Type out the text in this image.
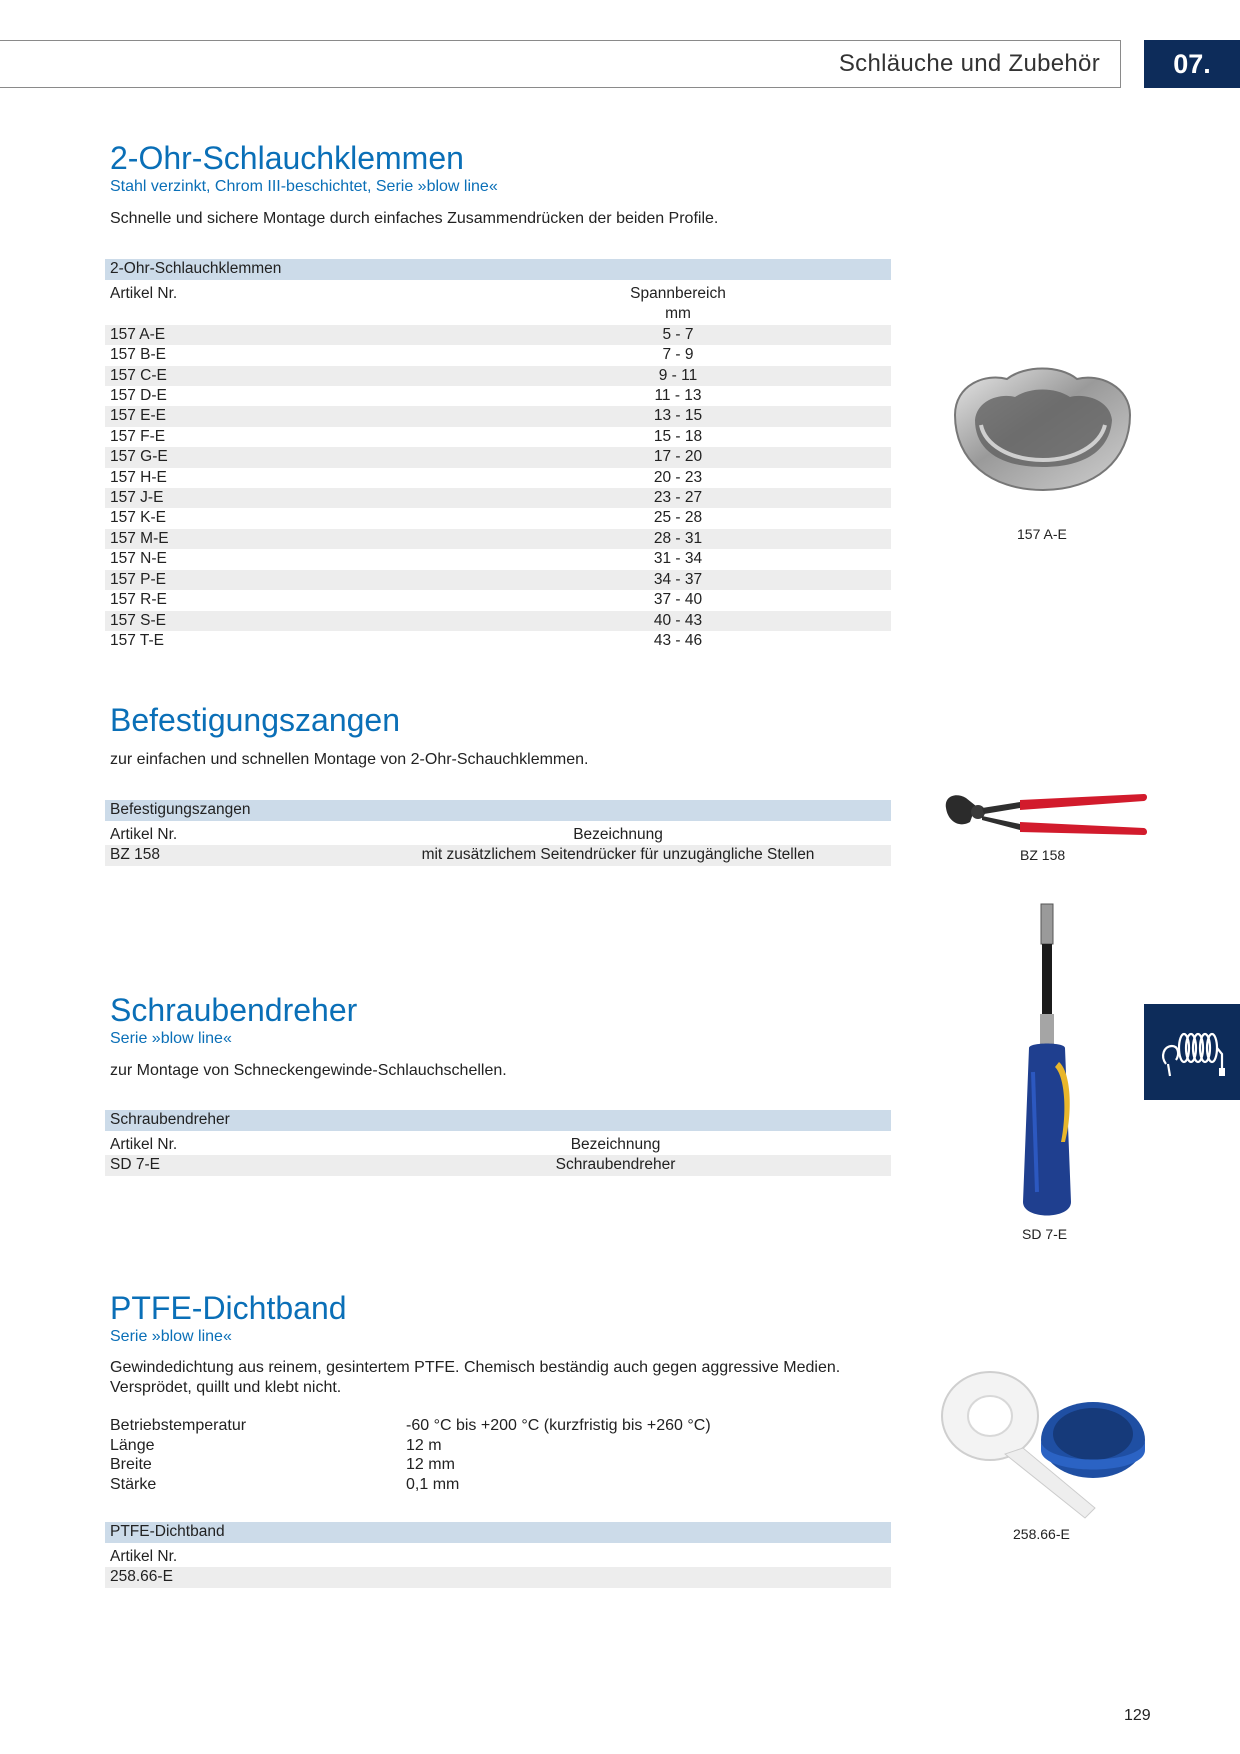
Schläuche und Zubehör	07.
2-Ohr-Schlauchklemmen
Stahl verzinkt, Chrom III-beschichtet, Serie »blow line«
Schnelle und sichere Montage durch einfaches Zusammendrücken der beiden Profile.
2-Ohr-Schlauchklemmen	
Artikel Nr.	Spannbereich

	mm
157 A-E	5 - 7
157 B-E	7 - 9
157 C-E	9 - 11
157 D-E	11 - 13
157 E-E	13 - 15
157 F-E	15 - 18
157 G-E	17 - 20
157 H-E	20 - 23
157 J-E	23 - 27
157 K-E	25 - 28
157 M-E	28 - 31
157 N-E	31 - 34
157 P-E	34 - 37
157 R-E	37 - 40
157 S-E	40 - 43
157 T-E	43 - 46
157 A-E
Befestigungszangen
zur einfachen und schnellen Montage von 2-Ohr-Schauchklemmen.
Befestigungszangen	
Artikel Nr.	Bezeichnung
BZ 158	mit zusätzlichem Seitendrücker für unzugängliche Stellen	BZ 158
Schraubendreher
Serie »blow line«
zur Montage von Schneckengewinde-Schlauchschellen.
Schraubendreher	
Artikel Nr.	Bezeichnung
SD 7-E	Schraubendreher
SD 7-E
PTFE-Dichtband
Serie »blow line«
Gewindedichtung aus reinem, gesintertem PTFE. Chemisch beständig auch gegen aggressive Medien.
Versprödet, quillt und klebt nicht.
Betriebstemperatur	-60 °C bis +200 °C (kurzfristig bis +260 °C)
Länge	12 m
Breite	12 mm
Stärke	0,1 mm
PTFE-Dichtband
Artikel Nr.
258.66-E
258.66-E
129
